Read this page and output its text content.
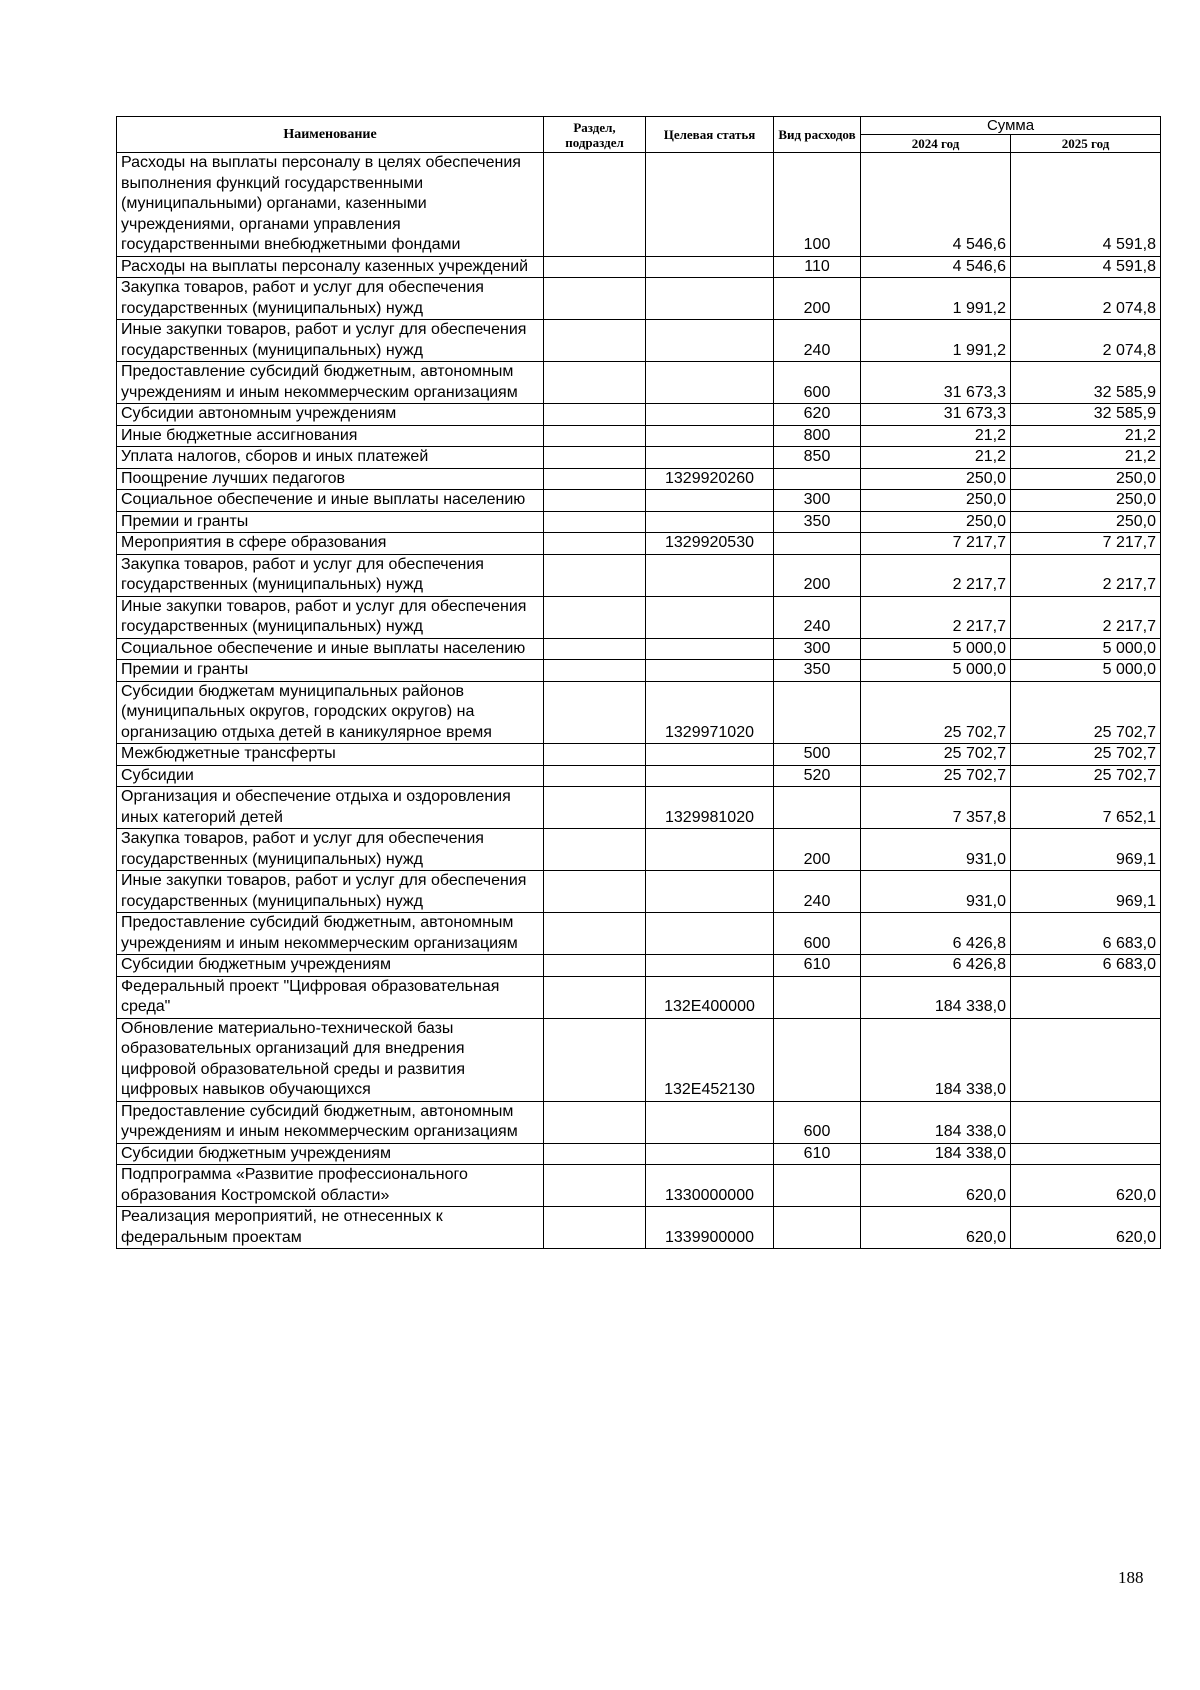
Наименование	Раздел, подраздел	Целевая статья	Вид расходов	Сумма	
				2024 год	2025 год
Расходы на выплаты персоналу в целях обеспечения выполнения функций государственными (муниципальными) органами, казенными учреждениями, органами управления государственными внебюджетными фондами			100	4 546,6	4 591,8
Расходы на выплаты персоналу казенных учреждений			110	4 546,6	4 591,8
Закупка товаров, работ и услуг для обеспечения государственных (муниципальных) нужд			200	1 991,2	2 074,8
Иные закупки товаров, работ и услуг для обеспечения государственных (муниципальных) нужд			240	1 991,2	2 074,8
Предоставление субсидий бюджетным, автономным учреждениям и иным некоммерческим организациям			600	31 673,3	32 585,9
Субсидии автономным учреждениям			620	31 673,3	32 585,9
Иные бюджетные ассигнования			800	21,2	21,2
Уплата налогов, сборов и иных платежей			850	21,2	21,2
Поощрение лучших педагогов		1329920260		250,0	250,0
Социальное обеспечение и иные выплаты населению			300	250,0	250,0
Премии и гранты			350	250,0	250,0
Мероприятия в сфере образования		1329920530		7 217,7	7 217,7
Закупка товаров, работ и услуг для обеспечения государственных (муниципальных) нужд			200	2 217,7	2 217,7
Иные закупки товаров, работ и услуг для обеспечения государственных (муниципальных) нужд			240	2 217,7	2 217,7
Социальное обеспечение и иные выплаты населению			300	5 000,0	5 000,0
Премии и гранты			350	5 000,0	5 000,0
Субсидии бюджетам муниципальных районов (муниципальных округов, городских округов) на организацию отдыха детей в каникулярное время		1329971020		25 702,7	25 702,7
Межбюджетные трансферты			500	25 702,7	25 702,7
Субсидии			520	25 702,7	25 702,7
Организация и обеспечение отдыха и оздоровления иных категорий детей		1329981020		7 357,8	7 652,1
Закупка товаров, работ и услуг для обеспечения государственных (муниципальных) нужд			200	931,0	969,1
Иные закупки товаров, работ и услуг для обеспечения государственных (муниципальных) нужд			240	931,0	969,1
Предоставление субсидий бюджетным, автономным учреждениям и иным некоммерческим организациям			600	6 426,8	6 683,0
Субсидии бюджетным учреждениям			610	6 426,8	6 683,0
Федеральный проект "Цифровая образовательная среда"		132E400000		184 338,0	
Обновление материально-технической базы образовательных организаций для внедрения цифровой образовательной среды и развития цифровых навыков обучающихся		132E452130		184 338,0	
Предоставление субсидий бюджетным, автономным учреждениям и иным некоммерческим организациям			600	184 338,0	
Субсидии бюджетным учреждениям			610	184 338,0	
Подпрограмма «Развитие профессионального образования Костромской области»		1330000000		620,0	620,0
Реализация мероприятий, не отнесенных к федеральным проектам		1339900000		620,0	620,0
188
